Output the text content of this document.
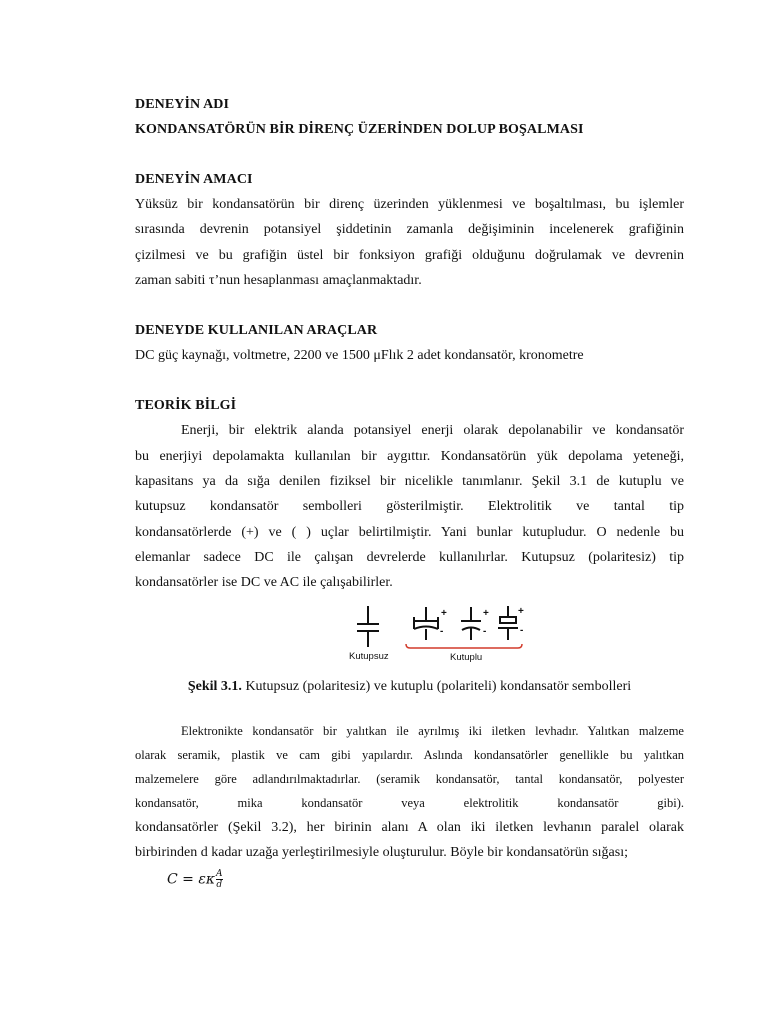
DENEYİN ADI
KONDANSATÖRÜN BİR DİRENÇ ÜZERİNDEN DOLUP BOŞALMASI
DENEYİN AMACI

Yüksüz bir kondansatörün bir direnç üzerinden yüklenmesi ve boşaltılması, bu işlemler

sırasında devrenin potansiyel şiddetinin zamanla değişiminin incelenerek grafiğinin

çizilmesi ve bu grafiğin üstel bir fonksiyon grafiği olduğunu doğrulamak ve devrenin

zaman sabiti τ’nun hesaplanması amaçlanmaktadır.

DENEYDE KULLANILAN ARAÇLAR

DC güç kaynağı, voltmetre, 2200 ve 1500 μFlık 2 adet kondansatör, kronometre

TEORİK BİLGİ

Enerji, bir elektrik alanda potansiyel enerji olarak depolanabilir ve kondansatör

bu enerjiyi depolamakta kullanılan bir aygıttır. Kondansatörün yük depolama yeteneği,

kapasitans ya da sığa denilen fiziksel bir nicelikle tanımlanır. Şekil 3.1 de kutuplu ve

kutupsuz kondansatör sembolleri gösterilmiştir. Elektrolitik ve tantal tip

kondansatörlerde (+) ve ( ) uçlar belirtilmiştir. Yani bunlar kutupludur. O nedenle bu

elemanlar sadece DC ile çalışan devrelerde kullanılırlar. Kutupsuz (polaritesiz) tip

kondansatörler ise DC ve AC ile çalışabilirler.

Kutupsuz
+
-
+
-
+
-
Kutuplu
Şekil 3.1. Kutupsuz (polaritesiz) ve kutuplu (polariteli) kondansatör sembolleri

Elektronikte kondansatör bir yalıtkan ile ayrılmış iki iletken levhadır. Yalıtkan malzeme

olarak seramik, plastik ve cam gibi yapılardır. Aslında kondansatörler genellikle bu yalıtkan

malzemelere göre adlandırılmaktadırlar. (seramik kondansatör, tantal kondansatör, polyester

kondansatör, mika kondansatör veya elektrolitik kondansatör gibi).

kondansatörler (Şekil 3.2), her birinin alanı A olan iki iletken levhanın paralel olarak

birbirinden d kadar uzağa yerleştirilmesiyle oluşturulur. Böyle bir kondansatörün sığası;

C = εκ $\frac{A}{d}$
